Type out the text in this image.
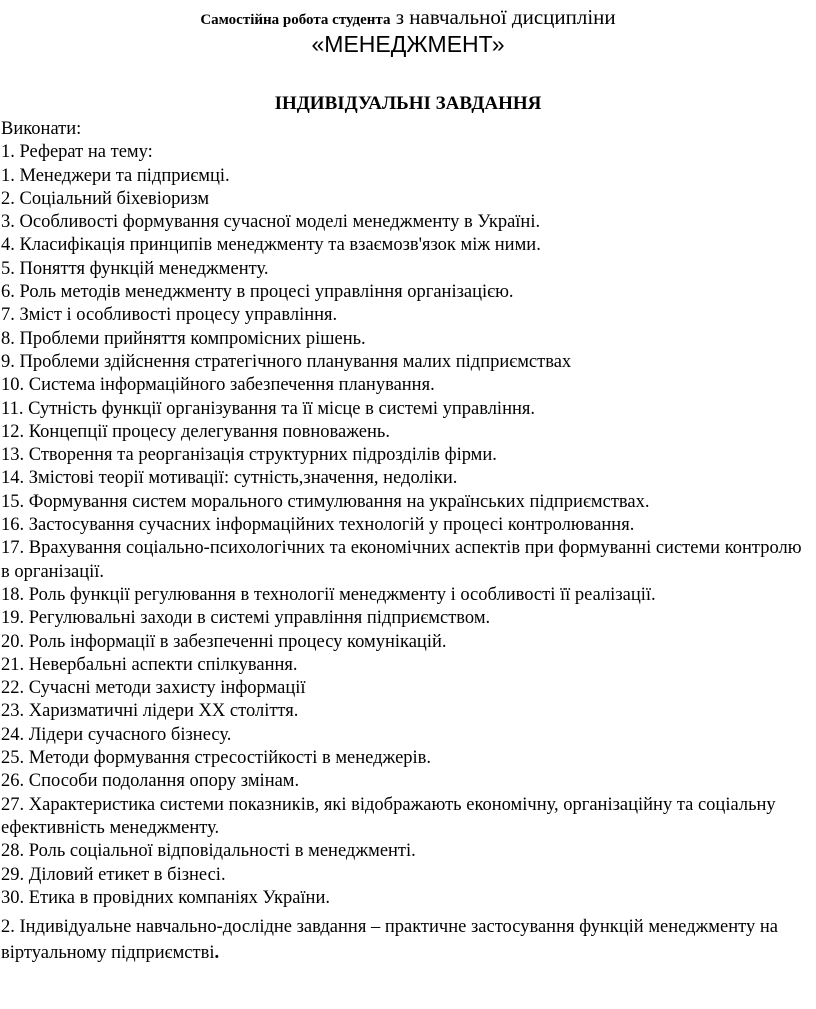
Самостійна робота студента з навчальної дисципліни
«МЕНЕДЖМЕНТ»
ІНДИВІДУАЛЬНІ ЗАВДАННЯ
Виконати:
1. Реферат на тему:
1. Менеджери та підприємці.
2. Соціальний біхевіоризм
3. Особливості формування сучасної моделі менеджменту в Україні.
4. Класифікація принципів менеджменту та взаємозв'язок між ними.
5. Поняття функцій менеджменту.
6. Роль методів менеджменту в процесі управління організацією.
7. Зміст і особливості процесу управління.
8. Проблеми прийняття компромісних рішень.
9. Проблеми здійснення стратегічного планування малих підприємствах
10. Система інформаційного забезпечення планування.
11. Сутність функції організування та її місце в системі управління.
12. Концепції процесу делегування повноважень.
13. Створення та реорганізація структурних підрозділів фірми.
14. Змістові теорії мотивації: сутність,значення, недоліки.
15. Формування систем морального стимулювання на українських підприємствах.
16. Застосування сучасних інформаційних технологій у процесі контролювання.
17. Врахування соціально-психологічних та економічних аспектів при формуванні системи контролю в організації.
18. Роль функції регулювання в технології менеджменту і особливості її реалізації.
19. Регулювальні заходи в системі управління підприємством.
20. Роль інформації в забезпеченні процесу комунікацій.
21. Невербальні аспекти спілкування.
22. Сучасні методи захисту інформації
23. Харизматичні лідери ХХ століття.
24. Лідери сучасного бізнесу.
25. Методи формування стресостійкості в менеджерів.
26. Способи подолання опору змінам.
27. Характеристика системи показників, які відображають економічну, організаційну та соціальну ефективність менеджменту.
28. Роль соціальної відповідальності в менеджменті.
29. Діловий етикет в бізнесі.
30. Етика в провідних компаніях України.
2. Індивідуальне навчально-дослідне завдання – практичне застосування функцій менеджменту на віртуальному підприємстві.
